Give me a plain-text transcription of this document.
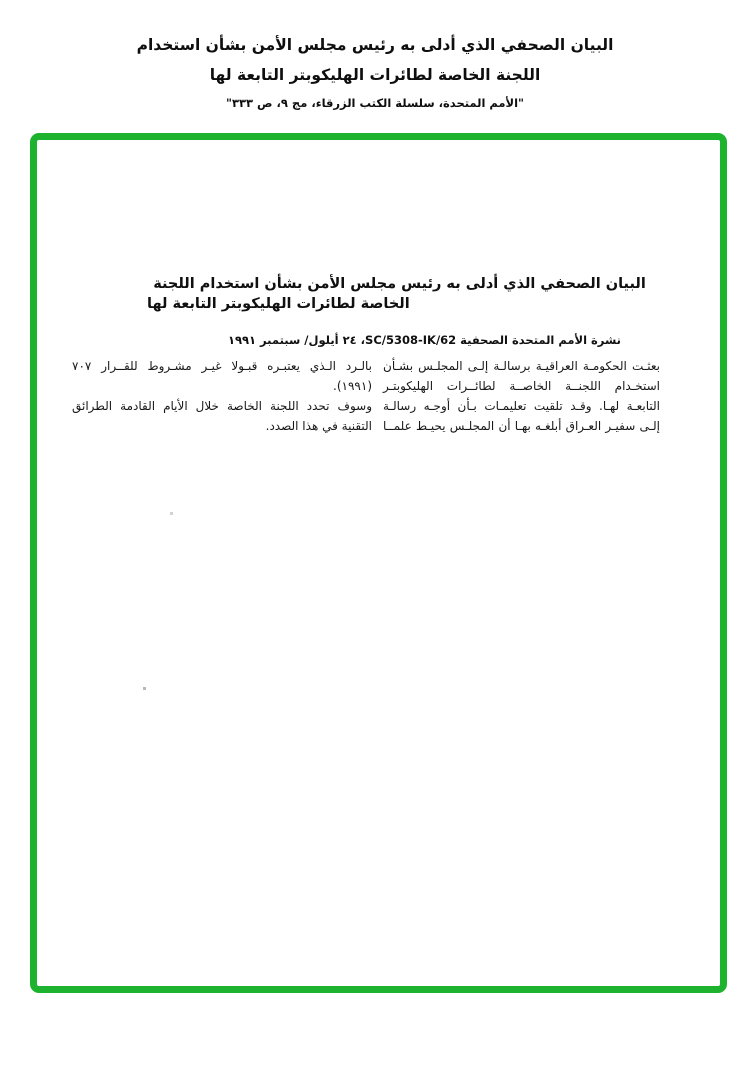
البيان الصحفي الذي أدلى به رئيس مجلس الأمن بشأن استخدام
اللجنة الخاصة لطائرات الهليكوبتر التابعة لها
"الأمم المتحدة، سلسلة الكتب الزرقاء، مج ٩، ص ٣٣٣"
البيان الصحفي الذي أدلى به رئيس مجلس الأمن بشأن استخدام اللجنة
الخاصة لطائرات الهليكوبتر التابعة لها
نشرة الأمم المتحدة الصحفية SC/5308-IK/62، ٢٤ أيلول/ سبتمبر ١٩٩١
بعثـت الحكومـة العراقيـة برسالـة إلـى المجلـس بشـأن
استخـدام اللجنــة الخاصــة لطائــرات الهليكوبتـر
التابعـة لهـا. وقـد تلقيت تعليمـات بـأن أوجـه رسالـة
إلـى سفيـر العـراق أبلغـه بهـا أن المجلـس يحيـط علمــا
بالـرد الـذي يعتبـره قبـولا غيـر مشـروط للقــرار ٧٠٧
(١٩٩١).
وسوف تحدد اللجنة الخاصة خلال الأيام القادمة الطرائق
التقنية في هذا الصدد.
